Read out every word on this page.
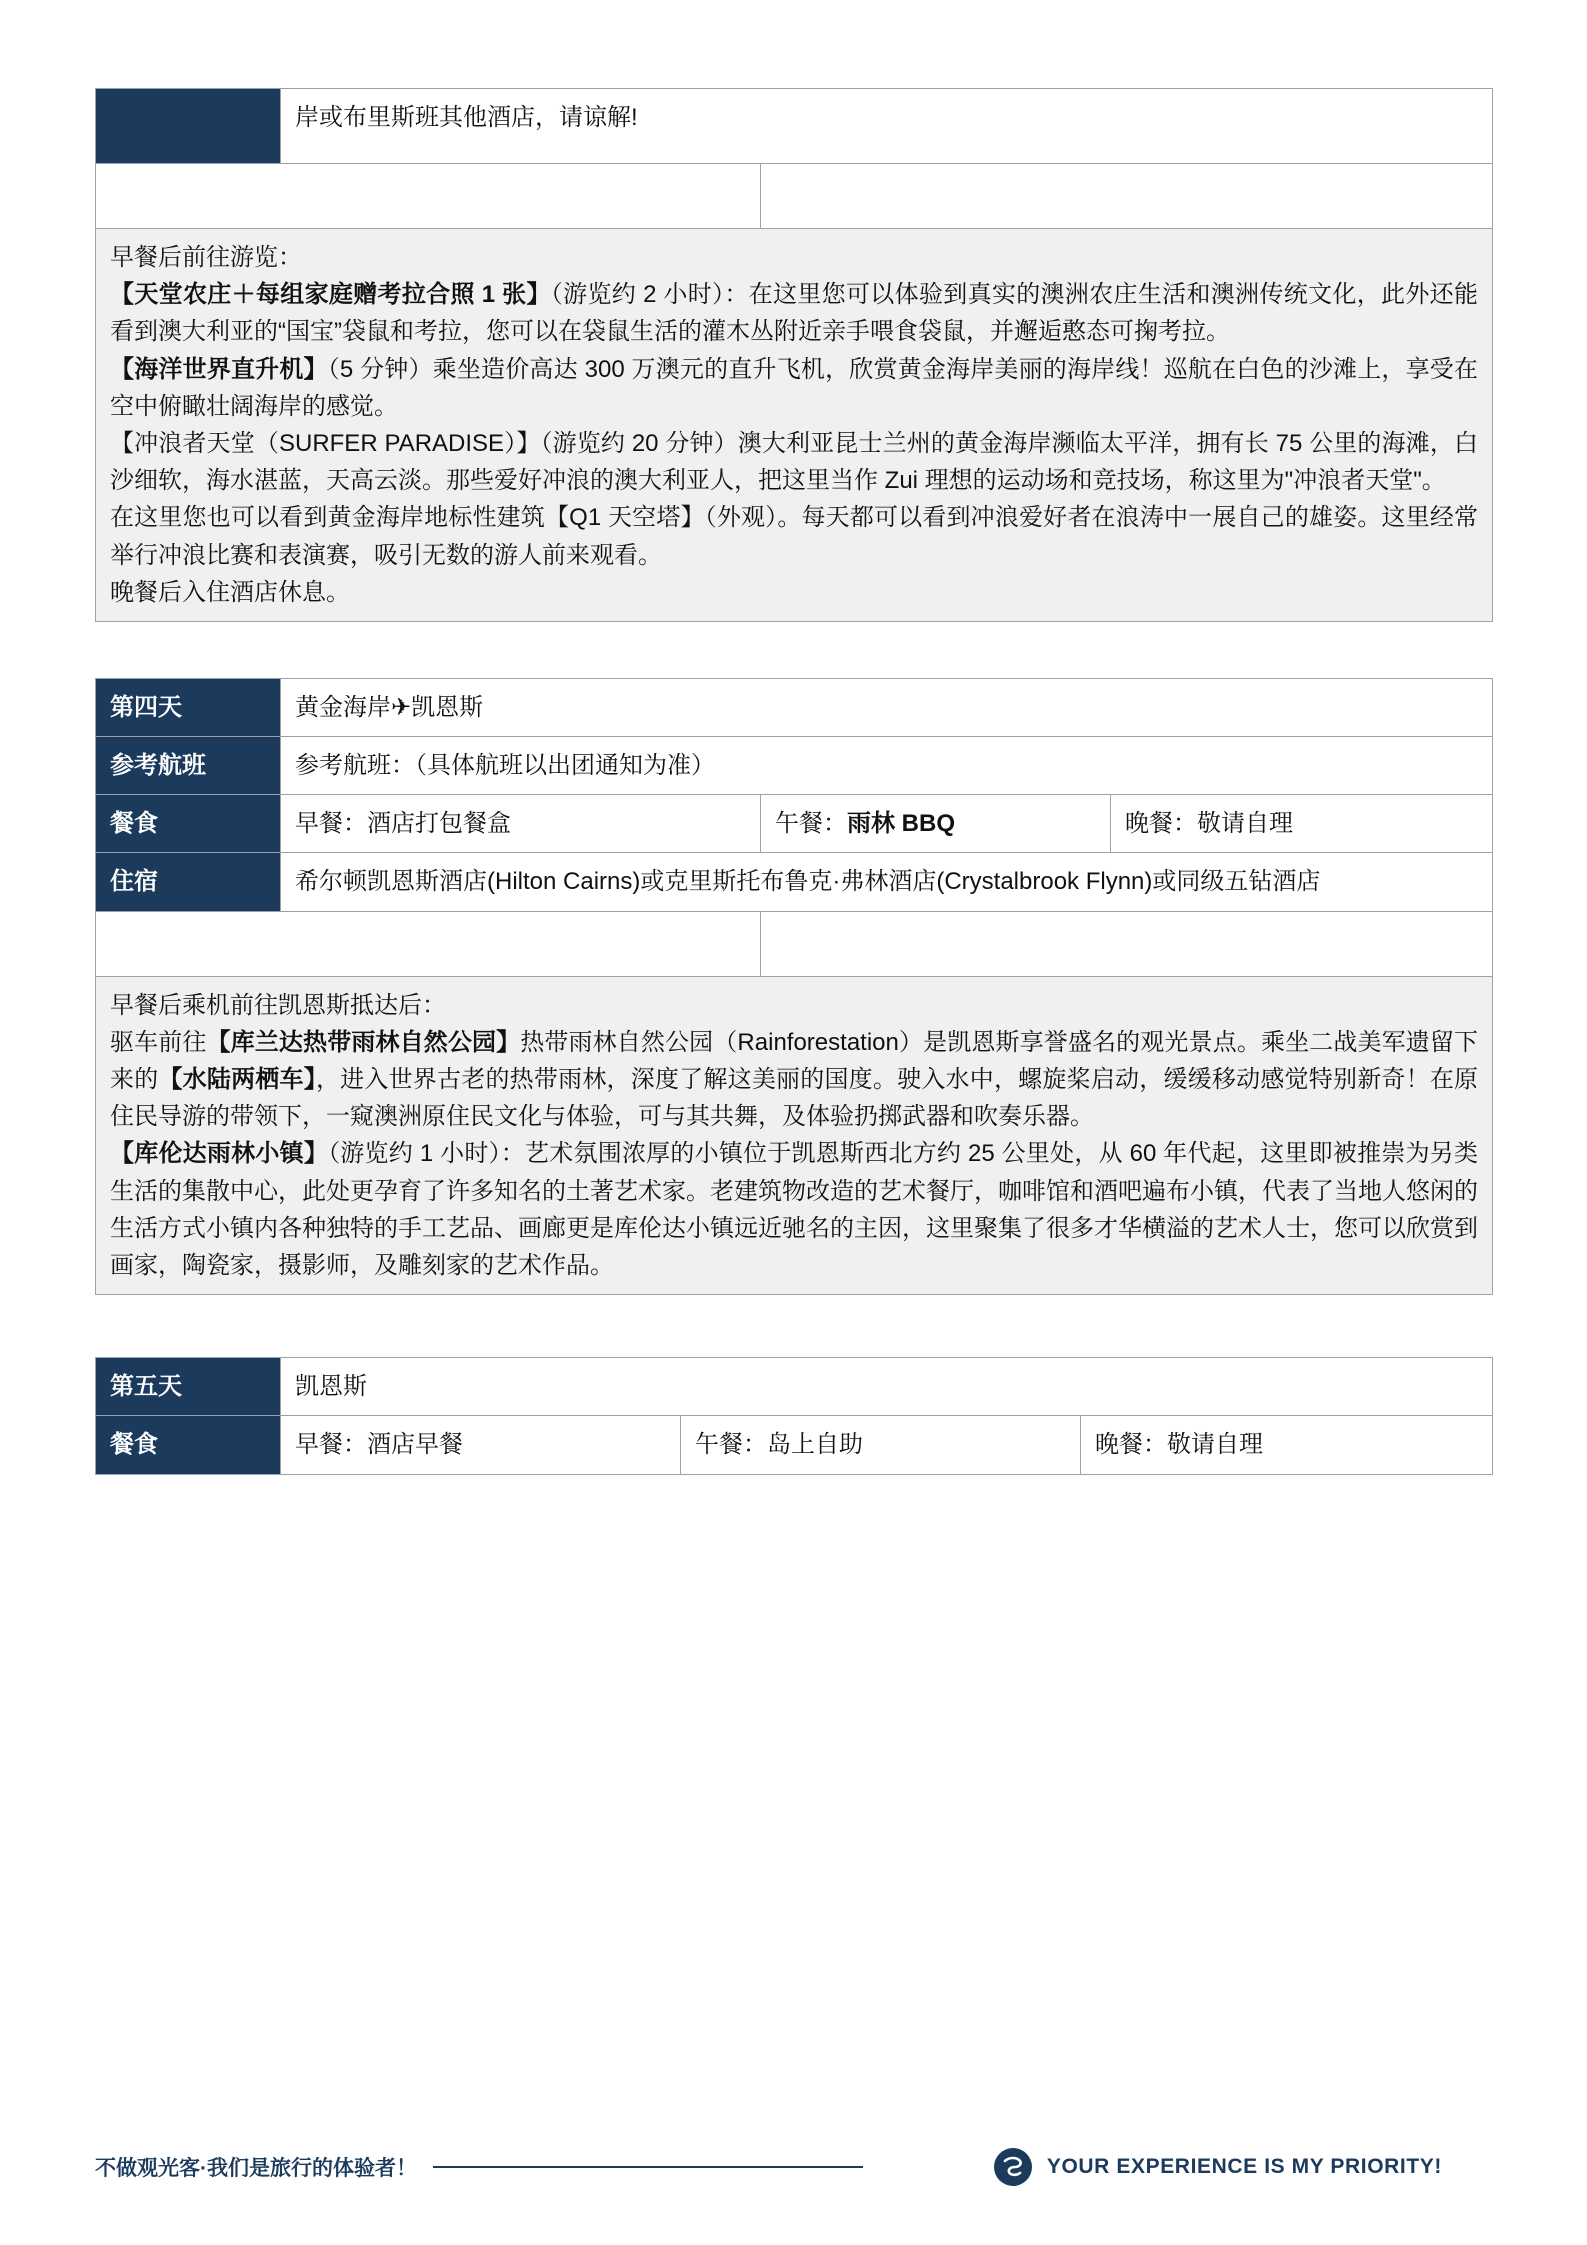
	岸或布里斯班其他酒店，请谅解!	

早餐后前往游览：
【天堂农庄＋每组家庭赠考拉合照 1 张】（游览约 2 小时）：在这里您可以体验到真实的澳洲农庄生活和澳洲传统文化，此外还能看到澳大利亚的“国宝”袋鼠和考拉，您可以在袋鼠生活的灌木丛附近亲手喂食袋鼠，并邂逅憨态可掬考拉。
【海洋世界直升机】（5 分钟）乘坐造价高达 300 万澳元的直升飞机，欣赏黄金海岸美丽的海岸线！巡航在白色的沙滩上，享受在空中俯瞰壮阔海岸的感觉。
【冲浪者天堂（SURFER PARADISE）】（游览约 20 分钟）澳大利亚昆士兰州的黄金海岸濒临太平洋，拥有长 75 公里的海滩，白沙细软，海水湛蓝，天高云淡。那些爱好冲浪的澳大利亚人，把这里当作 Zui 理想的运动场和竞技场，称这里为"冲浪者天堂"。
在这里您也可以看到黄金海岸地标性建筑【Q1 天空塔】（外观）。每天都可以看到冲浪爱好者在浪涛中一展自己的雄姿。这里经常举行冲浪比赛和表演赛，吸引无数的游人前来观看。
晚餐后入住酒店休息。
第四天	黄金海岸✈凯恩斯		
参考航班	参考航班：（具体航班以出团通知为准）		
餐食	早餐：酒店打包餐盒	午餐：雨林 BBQ	晚餐：敬请自理
住宿	希尔顿凯恩斯酒店(Hilton Cairns)或克里斯托布鲁克·弗林酒店(Crystalbrook Flynn)或同级五钻酒店		

早餐后乘机前往凯恩斯抵达后：
驱车前往【库兰达热带雨林自然公园】热带雨林自然公园（Rainforestation）是凯恩斯享誉盛名的观光景点。乘坐二战美军遗留下来的【水陆两栖车】，进入世界古老的热带雨林，深度了解这美丽的国度。驶入水中，螺旋桨启动，缓缓移动感觉特别新奇！在原住民导游的带领下，一窥澳洲原住民文化与体验，可与其共舞，及体验扔掷武器和吹奏乐器。
【库伦达雨林小镇】（游览约 1 小时）：艺术氛围浓厚的小镇位于凯恩斯西北方约 25 公里处，从 60 年代起，这里即被推崇为另类生活的集散中心，此处更孕育了许多知名的土著艺术家。老建筑物改造的艺术餐厅，咖啡馆和酒吧遍布小镇，代表了当地人悠闲的生活方式小镇内各种独特的手工艺品、画廊更是库伦达小镇远近驰名的主因，这里聚集了很多才华横溢的艺术人士，您可以欣赏到画家，陶瓷家，摄影师，及雕刻家的艺术作品。			
第五天	凯恩斯		
餐食	早餐：酒店早餐	午餐：岛上自助	晚餐：敬请自理
不做观光客·我们是旅行的体验者！	YOUR EXPERIENCE IS MY PRIORITY!
